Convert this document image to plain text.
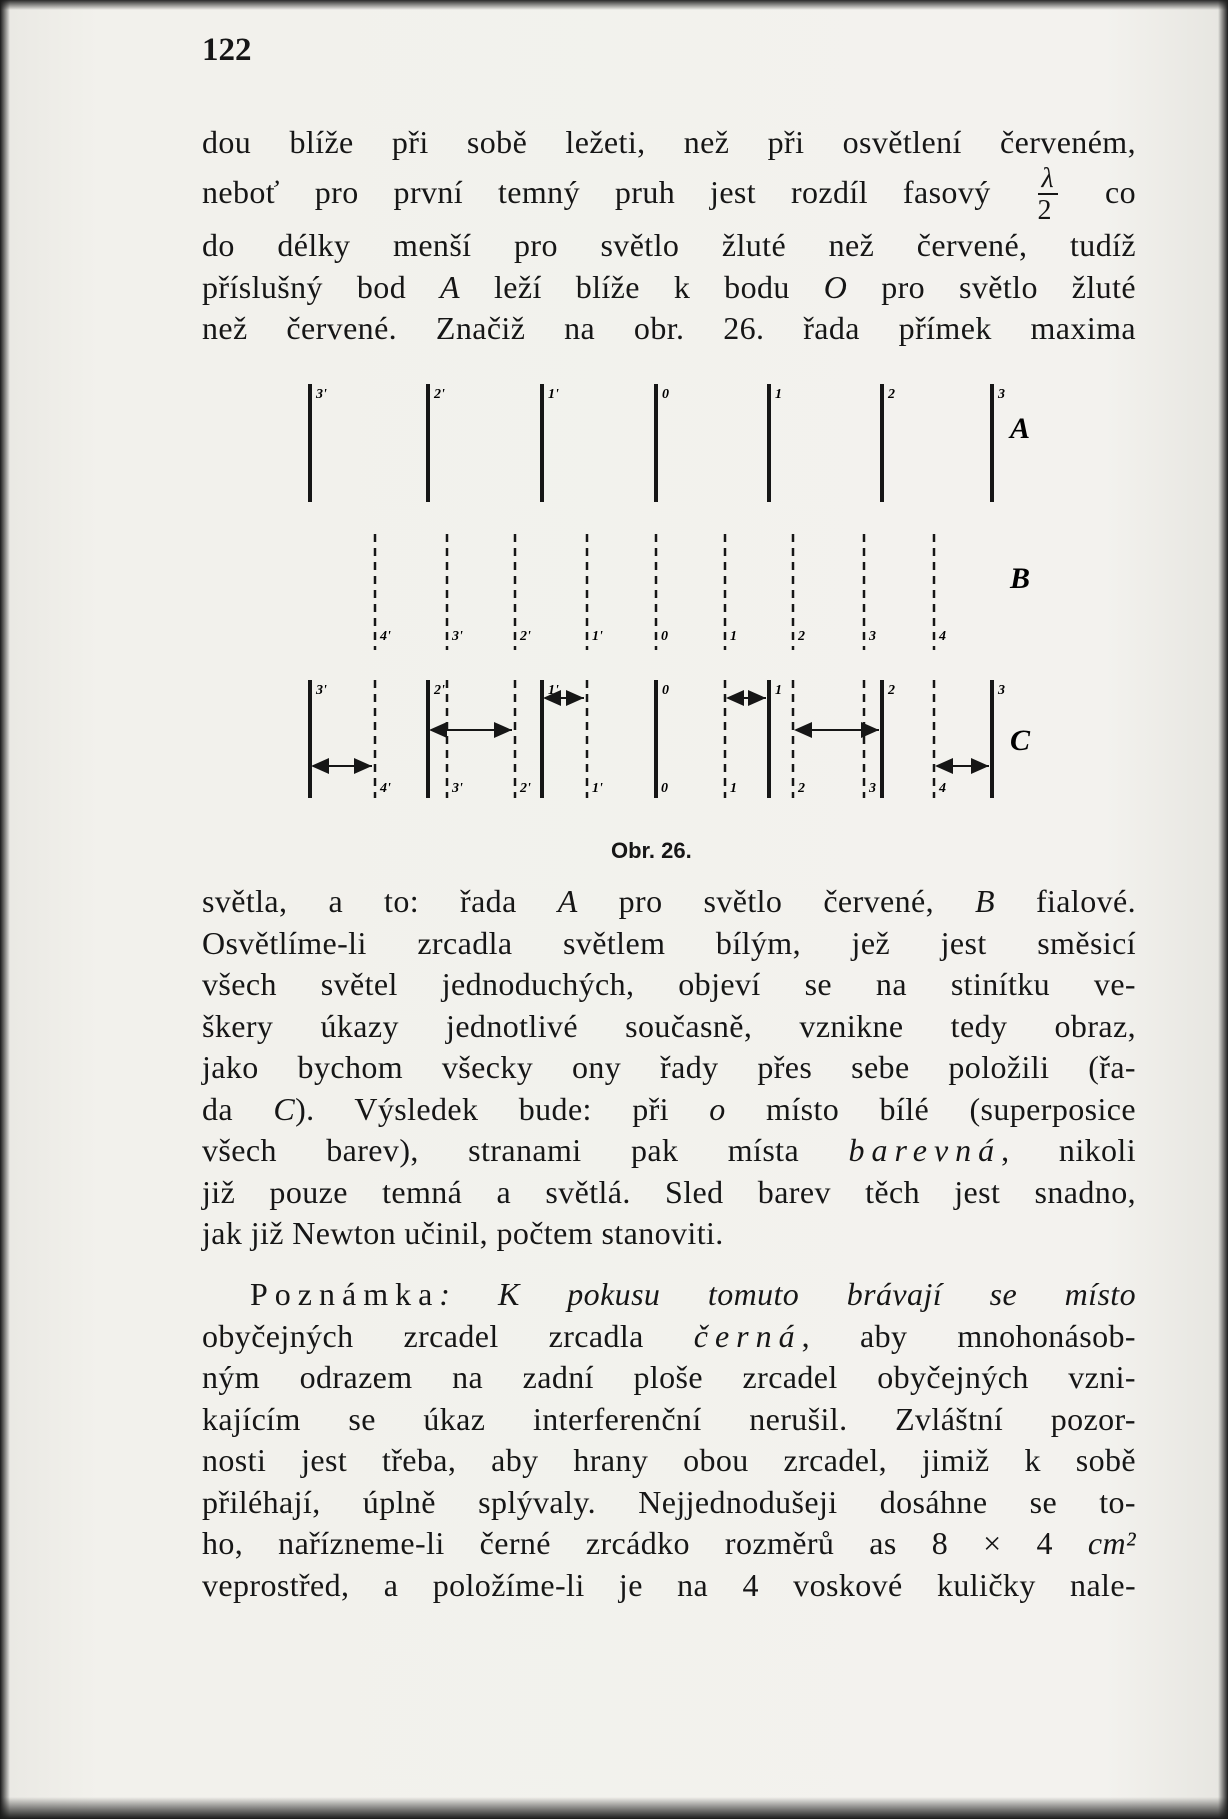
122
dou blíže při sobě ležeti, než při osvětlení červeném,
neboť pro první temný pruh jest rozdíl fasový $\frac{\lambda}{2}$ co
do délky menší pro světlo žluté než červené, tudíž
příslušný bod A leží blíže k bodu O pro světlo žluté
než červené. Značiž na obr. 26. řada přímek maxima
3'	2'	1'	0	1	2	3
4'	3'	2'	1'	0	1	2	3	4
3'	2'	1'	0	1	2	3
4'	3'	2'	1'	0	1	2	3	4
A
B
C
Obr. 26.
světla, a to: řada A pro světlo červené, B fialové.
Osvětlíme-li zrcadla světlem bílým, jež jest směsicí
všech světel jednoduchých, objeví se na stinítku ve-
škery úkazy jednotlivé současně, vznikne tedy obraz,
jako bychom všecky ony řady přes sebe položili (řa-
da C). Výsledek bude: při o místo bílé (superposice
všech barev), stranami pak místa barevná, nikoli
již pouze temná a světlá. Sled barev těch jest snadno,
jak již Newton učinil, počtem stanoviti.
Poznámka: K pokusu tomuto brávají se místo
obyčejných zrcadel zrcadla černá, aby mnohonásob-
ným odrazem na zadní ploše zrcadel obyčejných vzni-
kajícím se úkaz interferenční nerušil. Zvláštní pozor-
nosti jest třeba, aby hrany obou zrcadel, jimiž k sobě
přiléhají, úplně splývaly. Nejjednodušeji dosáhne se to-
ho, nařízneme-li černé zrcádko rozměrů as 8 × 4 cm²
veprostřed, a položíme-li je na 4 voskové kuličky nale-
